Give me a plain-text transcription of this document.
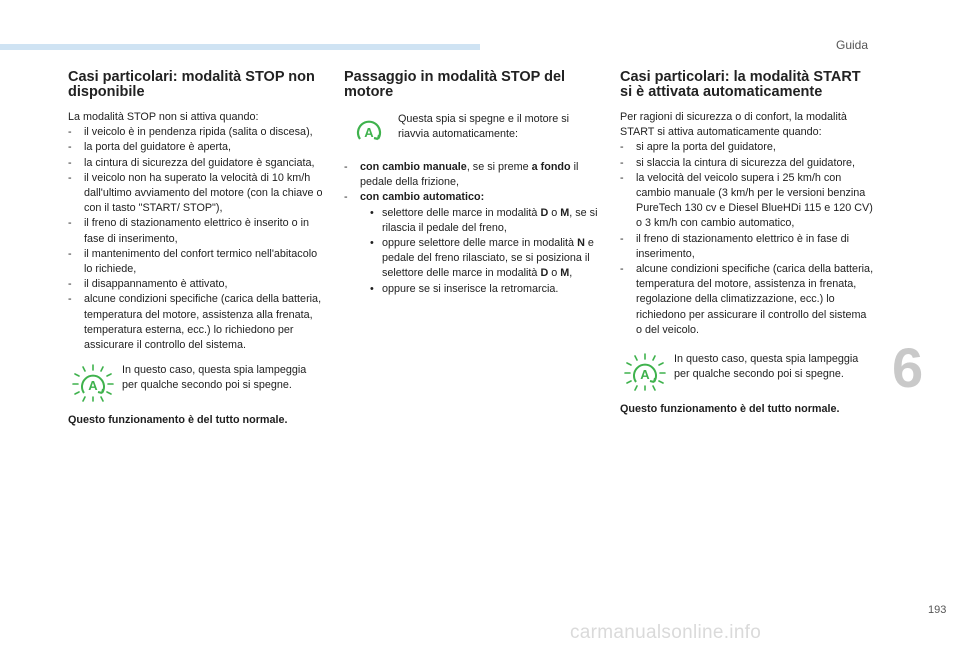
Guida
Casi particolari: modalità STOP non disponibile

La modalità STOP non si attiva quando:

- il veicolo è in pendenza ripida (salita o discesa),
- la porta del guidatore è aperta,
- la cintura di sicurezza del guidatore è sganciata,
- il veicolo non ha superato la velocità di 10 km/h dall'ultimo avviamento del motore (con la chiave o con il tasto "START/ STOP"),
- il freno di stazionamento elettrico è inserito o in fase di inserimento,
- il mantenimento del confort termico nell'abitacolo lo richiede,
- il disappannamento è attivato,
- alcune condizioni specifiche (carica della batteria, temperatura del motore, assistenza alla frenata, temperatura esterna, ecc.) lo richiedono per assicurare il controllo del sistema.
A
In questo caso, questa spia lampeggia per qualche secondo poi si spegne.
Questo funzionamento è del tutto normale.
Passaggio in modalità STOP del motore
A
Questa spia si spegne e il motore si riavvia automaticamente:
- con cambio manuale, se si preme a fondo il pedale della frizione,
- con cambio automatico:
• selettore delle marce in modalità D o M, se si rilascia il pedale del freno,
• oppure selettore delle marce in modalità N e pedale del freno rilasciato, se si posiziona il selettore delle marce in modalità D o M,
• oppure se si inserisce la retromarcia.
Casi particolari: la modalità START si è attivata automaticamente

Per ragioni di sicurezza o di confort, la modalità START si attiva automaticamente quando:

- si apre la porta del guidatore,
- si slaccia la cintura di sicurezza del guidatore,
- la velocità del veicolo supera i 25 km/h con cambio manuale (3 km/h per le versioni benzina PureTech 130 cv e Diesel BlueHDi 115 e 120 CV) o 3 km/h con cambio automatico,
- il freno di stazionamento elettrico è in fase di inserimento,
- alcune condizioni specifiche (carica della batteria, temperatura del motore, assistenza in frenata, regolazione della climatizzazione, ecc.) lo richiedono per assicurare il controllo del sistema o del veicolo.
A
In questo caso, questa spia lampeggia per qualche secondo poi si spegne.
Questo funzionamento è del tutto normale.
6
193
carmanualsonline.info
